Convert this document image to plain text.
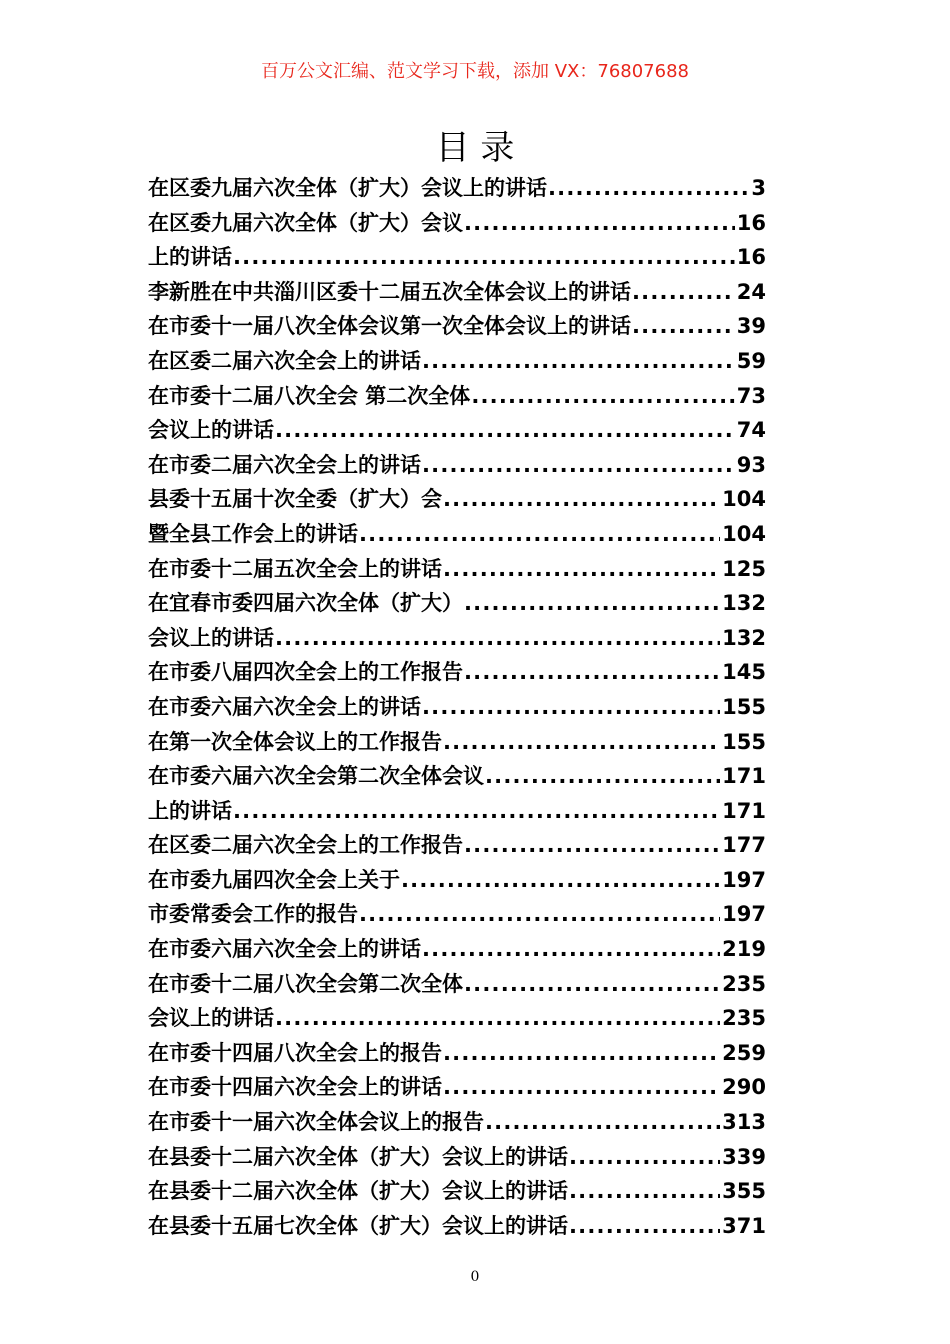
百万公文汇编、范文学习下载，添加 VX：76807688
目 录
在区委九届六次全体（扩大）会议上的讲话 .....	3
在区委九届六次全体（扩大）会议 .....	16
上的讲话 .....	16
李新胜在中共淄川区委十二届五次全体会议上的讲话 .....	24
在市委十一届八次全体会议第一次全体会议上的讲话 .....	39
在区委二届六次全会上的讲话 .....	59
在市委十二届八次全会 第二次全体 .....	73
会议上的讲话 .....	74
在市委二届六次全会上的讲话 .....	93
县委十五届十次全委（扩大）会 .....	104
暨全县工作会上的讲话 .....	104
在市委十二届五次全会上的讲话 .....	125
在宜春市委四届六次全体（扩大） .....	132
会议上的讲话 .....	132
在市委八届四次全会上的工作报告 .....	145
在市委六届六次全会上的讲话 .....	155
在第一次全体会议上的工作报告 .....	155
在市委六届六次全会第二次全体会议 .....	171
上的讲话 .....	171
在区委二届六次全会上的工作报告 .....	177
在市委九届四次全会上关于 .....	197
市委常委会工作的报告 .....	197
在市委六届六次全会上的讲话 .....	219
在市委十二届八次全会第二次全体 .....	235
会议上的讲话 .....	235
在市委十四届八次全会上的报告 .....	259
在市委十四届六次全会上的讲话 .....	290
在市委十一届六次全体会议上的报告 .....	313
在县委十二届六次全体（扩大）会议上的讲话 .....	339
在县委十二届六次全体（扩大）会议上的讲话 .....	355
在县委十五届七次全体（扩大）会议上的讲话 .....	371
0
